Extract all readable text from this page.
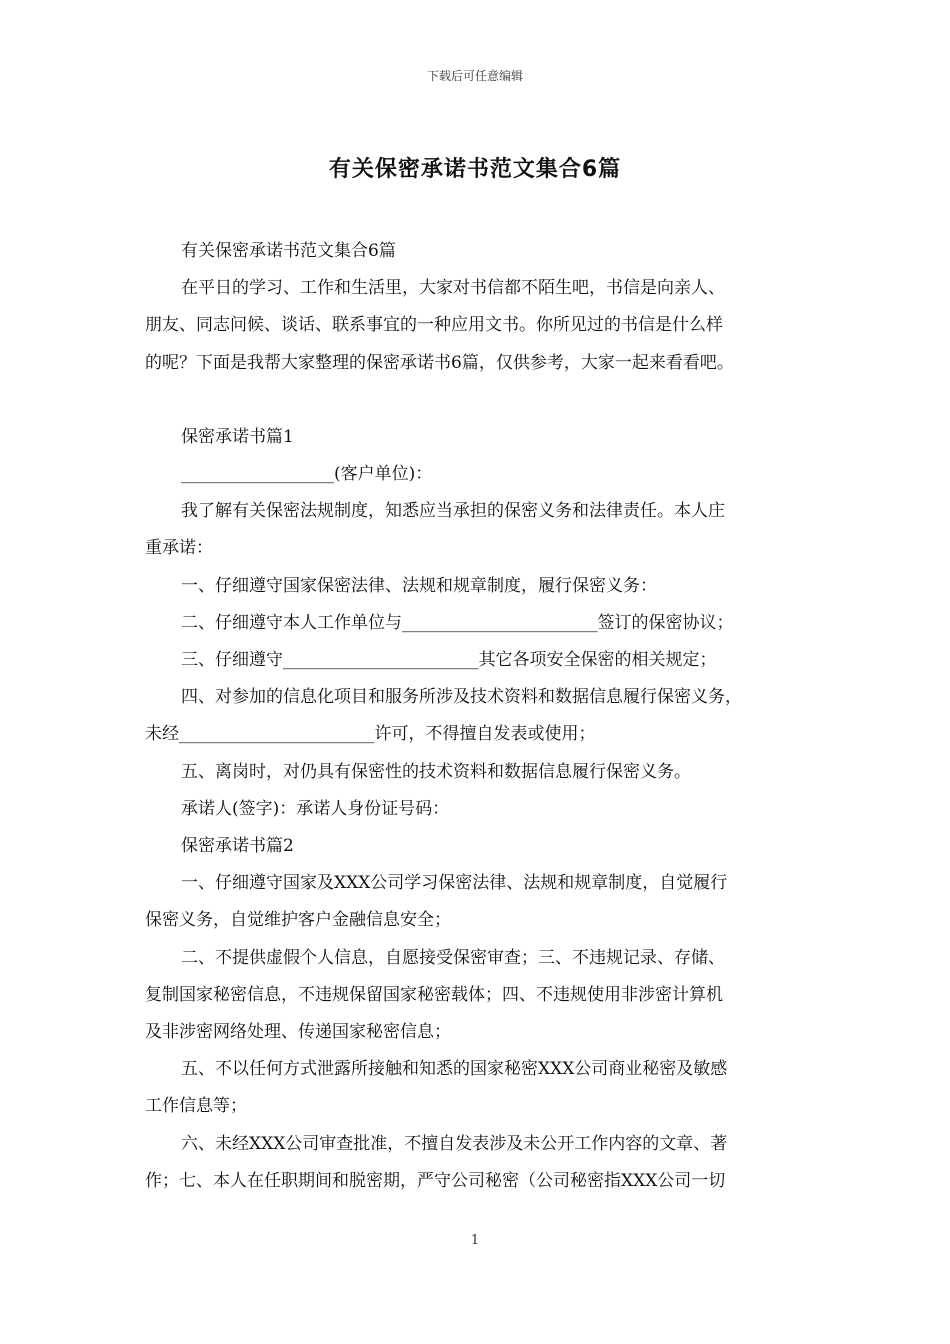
下载后可任意编辑
有关保密承诺书范文集合6篇

有关保密承诺书范文集合6篇

在平日的学习、工作和生活里，大家对书信都不陌生吧，书信是向亲人、

朋友、同志问候、谈话、联系事宜的一种应用文书。你所见过的书信是什么样

的呢？下面是我帮大家整理的保密承诺书6篇，仅供参考，大家一起来看看吧。

保密承诺书篇1

__________________(客户单位)：

我了解有关保密法规制度，知悉应当承担的保密义务和法律责任。本人庄

重承诺：

一、仔细遵守国家保密法律、法规和规章制度，履行保密义务：

二、仔细遵守本人工作单位与_______________________签订的保密协议；

三、仔细遵守_______________________其它各项安全保密的相关规定；

四、对参加的信息化项目和服务所涉及技术资料和数据信息履行保密义务，

未经_______________________许可，不得擅自发表或使用；

五、离岗时，对仍具有保密性的技术资料和数据信息履行保密义务。

承诺人(签字)：承诺人身份证号码：

保密承诺书篇2

一、仔细遵守国家及XXX公司学习保密法律、法规和规章制度，自觉履行

保密义务，自觉维护客户金融信息安全；

二、不提供虚假个人信息，自愿接受保密审查；三、不违规记录、存储、

复制国家秘密信息，不违规保留国家秘密载体；四、不违规使用非涉密计算机

及非涉密网络处理、传递国家秘密信息；

五、不以任何方式泄露所接触和知悉的国家秘密XXX公司商业秘密及敏感

工作信息等；

六、未经XXX公司审查批准，不擅自发表涉及未公开工作内容的文章、著

作；七、本人在任职期间和脱密期，严守公司秘密（公司秘密指XXX公司一切

1
